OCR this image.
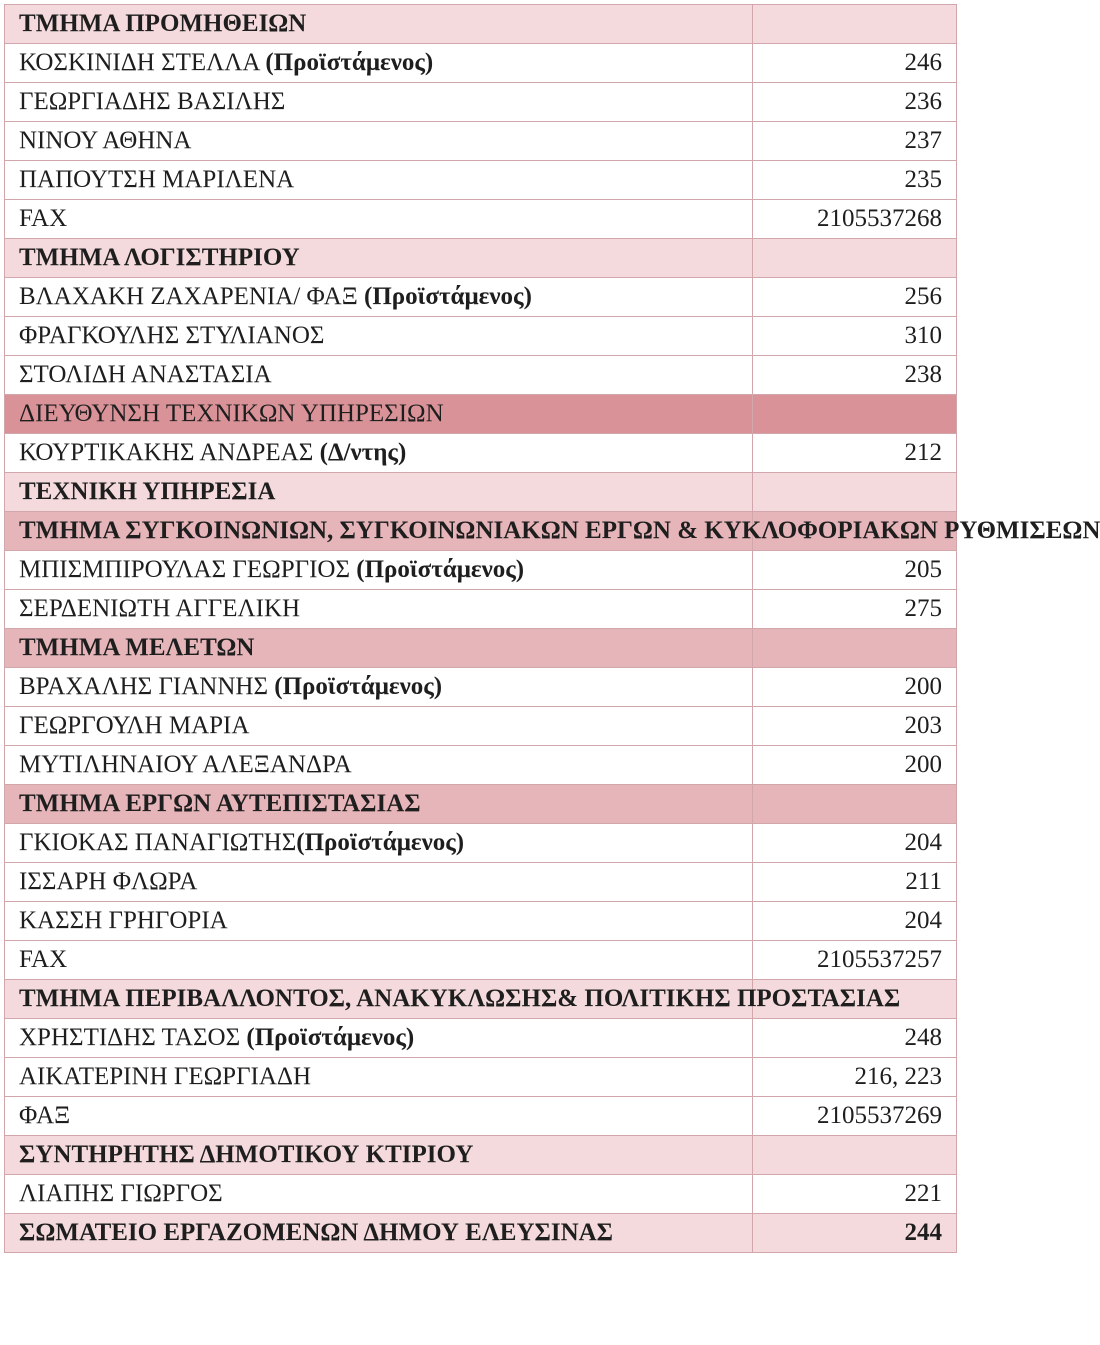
ΤΜΗΜΑ ΠΡΟΜΗΘΕΙΩΝ	
ΚΟΣΚΙΝΙΔΗ ΣΤΕΛΛΑ (Προϊστάμενος)	246
ΓΕΩΡΓΙΑΔΗΣ ΒΑΣΙΛΗΣ	236
ΝΙΝΟΥ ΑΘΗΝΑ	237
ΠΑΠΟΥΤΣΗ ΜΑΡΙΛΕΝΑ	235
FAX	2105537268
ΤΜΗΜΑ ΛΟΓΙΣΤΗΡΙΟΥ	
ΒΛΑΧΑΚΗ ΖΑΧΑΡΕΝΙΑ/ ΦΑΞ (Προϊστάμενος)	256
ΦΡΑΓΚΟΥΛΗΣ ΣΤΥΛΙΑΝΟΣ	310
ΣΤΟΛΙΔΗ ΑΝΑΣΤΑΣΙΑ	238
ΔΙΕΥΘΥΝΣΗ ΤΕΧΝΙΚΩΝ ΥΠΗΡΕΣΙΩΝ	
ΚΟΥΡΤΙΚΑΚΗΣ ΑΝΔΡΕΑΣ (Δ/ντης)	212
ΤΕΧΝΙΚΗ ΥΠΗΡΕΣΙΑ	
ΤΜΗΜΑ ΣΥΓΚΟΙΝΩΝΙΩΝ, ΣΥΓΚΟΙΝΩΝΙΑΚΩΝ ΕΡΓΩΝ & ΚΥΚΛΟΦΟΡΙΑΚΩΝ ΡΥΘΜΙΣΕΩΝ	
ΜΠΙΣΜΠΙΡΟΥΛΑΣ ΓΕΩΡΓΙΟΣ (Προϊστάμενος)	205
ΣΕΡΔΕΝΙΩΤΗ ΑΓΓΕΛΙΚΗ	275
ΤΜΗΜΑ ΜΕΛΕΤΩΝ	
ΒΡΑΧΑΛΗΣ ΓΙΑΝΝΗΣ (Προϊστάμενος)	200
ΓΕΩΡΓΟΥΛΗ ΜΑΡΙΑ	203
ΜΥΤΙΛΗΝΑΙΟΥ ΑΛΕΞΑΝΔΡΑ	200
ΤΜΗΜΑ ΕΡΓΩΝ ΑΥΤΕΠΙΣΤΑΣΙΑΣ	
ΓΚΙΟΚΑΣ ΠΑΝΑΓΙΩΤΗΣ(Προϊστάμενος)	204
ΙΣΣΑΡΗ ΦΛΩΡΑ	211
ΚΑΣΣΗ ΓΡΗΓΟΡΙΑ	204
FAX	2105537257
ΤΜΗΜΑ ΠΕΡΙΒΑΛΛΟΝΤΟΣ, ΑΝΑΚΥΚΛΩΣΗΣ& ΠΟΛΙΤΙΚΗΣ ΠΡΟΣΤΑΣΙΑΣ	
ΧΡΗΣΤΙΔΗΣ ΤΑΣΟΣ (Προϊστάμενος)	248
ΑΙΚΑΤΕΡΙΝΗ ΓΕΩΡΓΙΑΔΗ	216, 223
ΦΑΞ	2105537269
ΣΥΝΤΗΡΗΤΗΣ ΔΗΜΟΤΙΚΟΥ ΚΤΙΡΙΟΥ	
ΛΙΑΠΗΣ ΓΙΩΡΓΟΣ	221
ΣΩΜΑΤΕΙΟ ΕΡΓΑΖΟΜΕΝΩΝ ΔΗΜΟΥ ΕΛΕΥΣΙΝΑΣ	244
